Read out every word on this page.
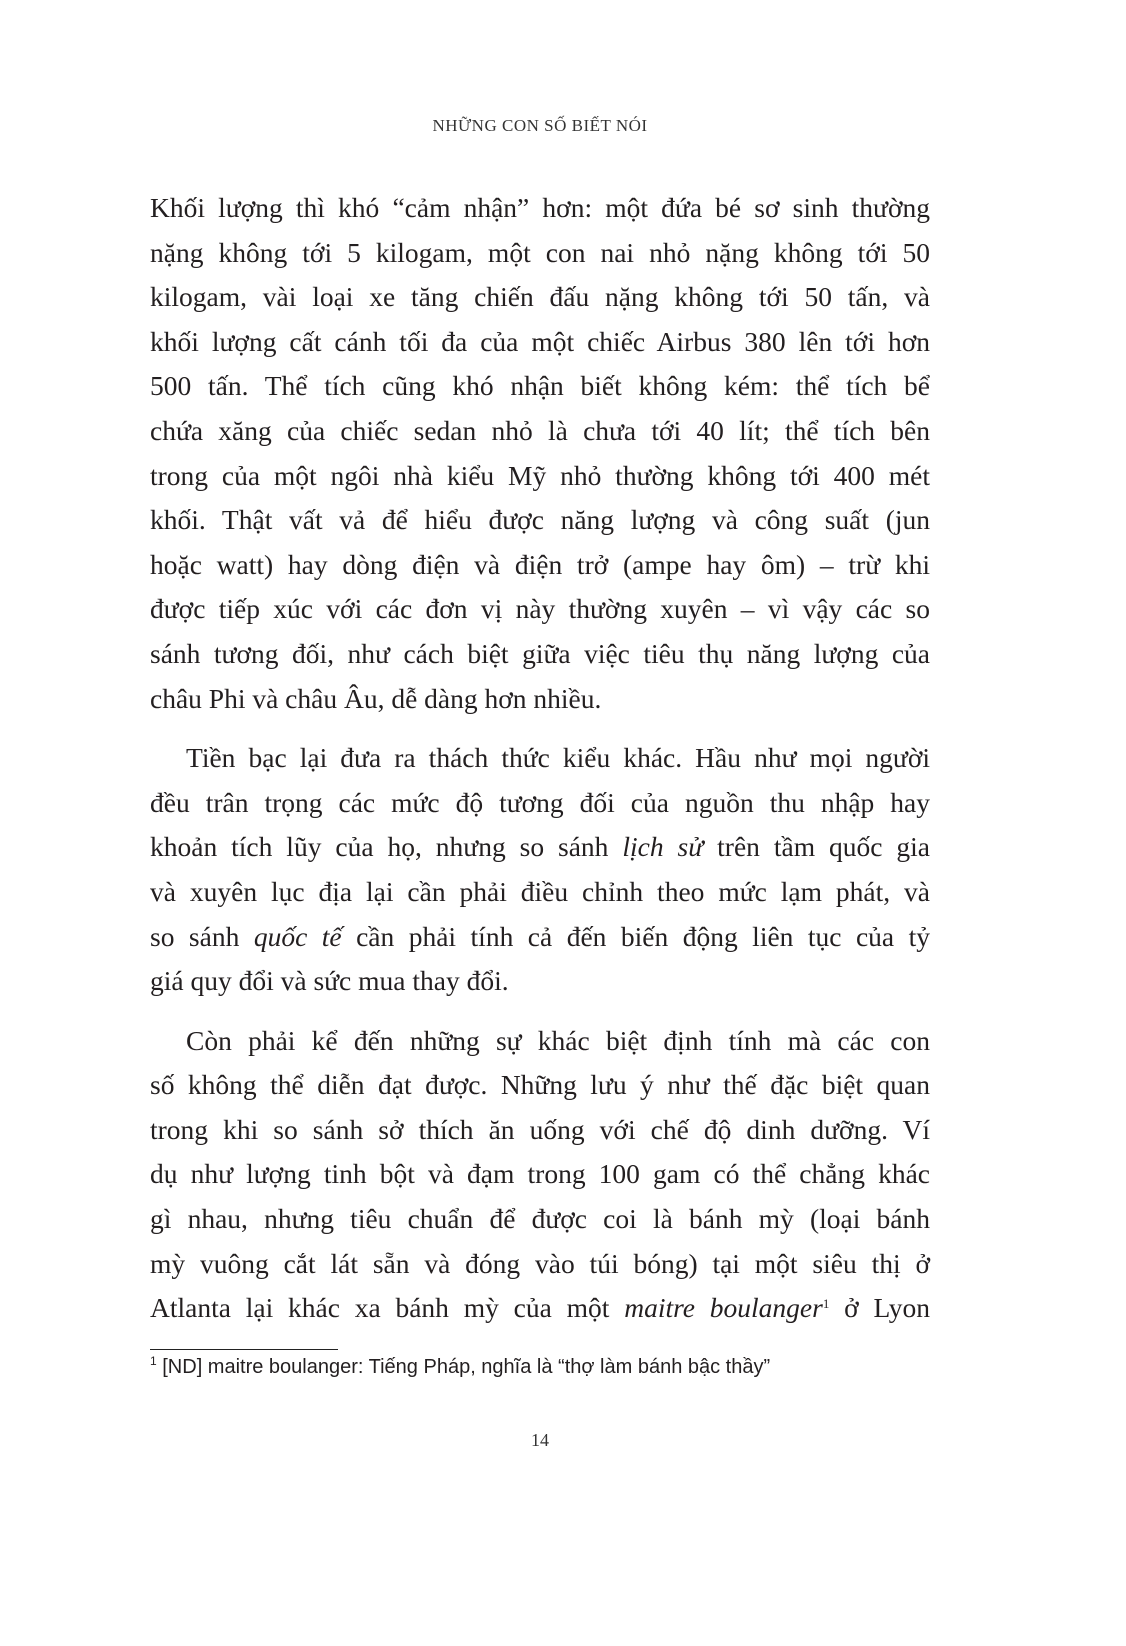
NHỮNG CON SỐ BIẾT NÓI
Khối lượng thì khó “cảm nhận” hơn: một đứa bé sơ sinh thường
nặng không tới 5 kilogam, một con nai nhỏ nặng không tới 50
kilogam, vài loại xe tăng chiến đấu nặng không tới 50 tấn, và
khối lượng cất cánh tối đa của một chiếc Airbus 380 lên tới hơn
500 tấn. Thể tích cũng khó nhận biết không kém: thể tích bể
chứa xăng của chiếc sedan nhỏ là chưa tới 40 lít; thể tích bên
trong của một ngôi nhà kiểu Mỹ nhỏ thường không tới 400 mét
khối. Thật vất vả để hiểu được năng lượng và công suất (jun
hoặc watt) hay dòng điện và điện trở (ampe hay ôm) – trừ khi
được tiếp xúc với các đơn vị này thường xuyên – vì vậy các so
sánh tương đối, như cách biệt giữa việc tiêu thụ năng lượng của
châu Phi và châu Âu, dễ dàng hơn nhiều.
Tiền bạc lại đưa ra thách thức kiểu khác. Hầu như mọi người
đều trân trọng các mức độ tương đối của nguồn thu nhập hay
khoản tích lũy của họ, nhưng so sánh lịch sử trên tầm quốc gia
và xuyên lục địa lại cần phải điều chỉnh theo mức lạm phát, và
so sánh quốc tế cần phải tính cả đến biến động liên tục của tỷ
giá quy đổi và sức mua thay đổi.
Còn phải kể đến những sự khác biệt định tính mà các con
số không thể diễn đạt được. Những lưu ý như thế đặc biệt quan
trong khi so sánh sở thích ăn uống với chế độ dinh dưỡng. Ví
dụ như lượng tinh bột và đạm trong 100 gam có thể chẳng khác
gì nhau, nhưng tiêu chuẩn để được coi là bánh mỳ (loại bánh
mỳ vuông cắt lát sẵn và đóng vào túi bóng) tại một siêu thị ở
Atlanta lại khác xa bánh mỳ của một maitre boulanger$^1$ ở Lyon
$^1$ [ND] maitre boulanger: Tiếng Pháp, nghĩa là “thợ làm bánh bậc thầy”
14
